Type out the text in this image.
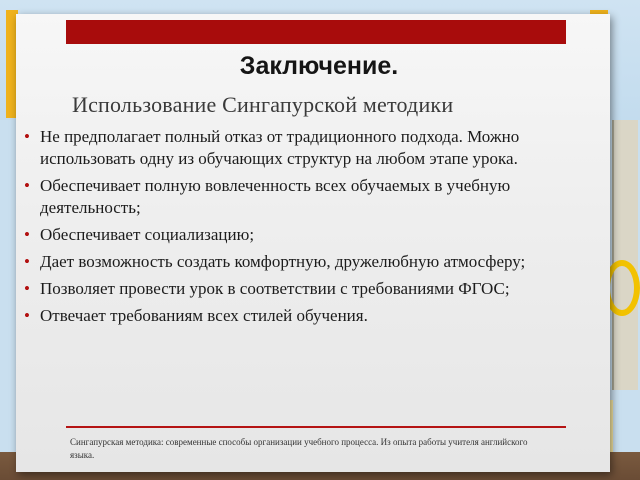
Заключение.
Использование Сингапурской методики
• Не предполагает полный отказ от традиционного подхода. Можно использовать одну из обучающих структур на любом этапе урока.
• Обеспечивает полную вовлеченность всех обучаемых в учебную деятельность;
• Обеспечивает социализацию;
• Дает возможность создать комфортную, дружелюбную атмосферу;
• Позволяет провести урок в соответствии с требованиями ФГОС;
• Отвечает требованиям всех стилей обучения.
Сингапурская методика: современные способы организации учебного процесса. Из опыта работы учителя английского языка.
